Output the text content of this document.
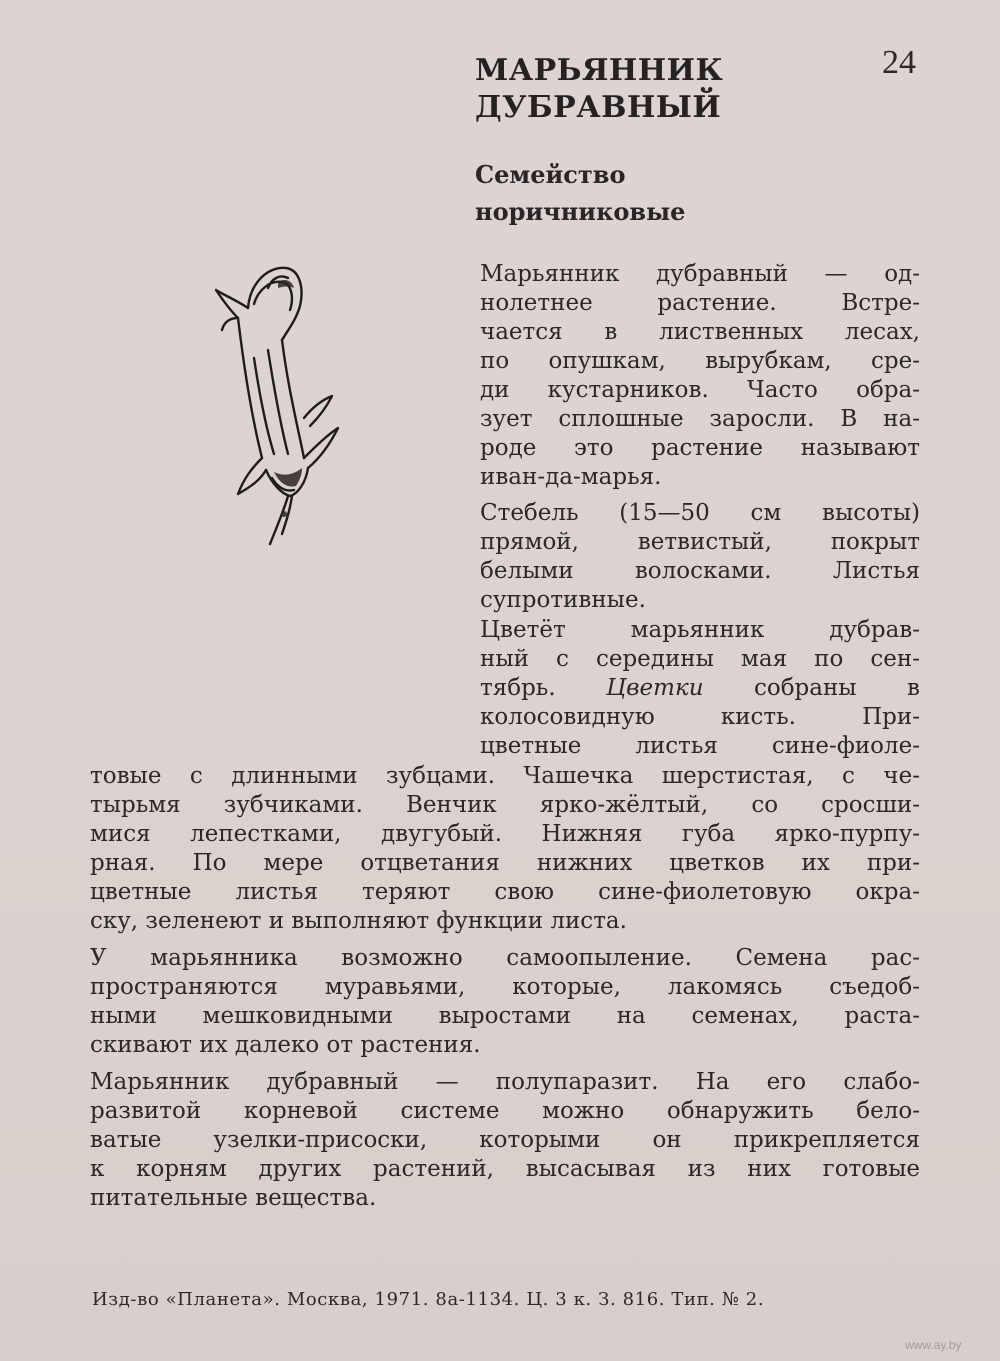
МАРЬЯННИК
ДУБРАВНЫЙ
24
Семейство
норичниковые
Марьянник дубравный — од-
нолетнее растение. Встре-
чается в лиственных лесах,
по опушкам, вырубкам, сре-
ди кустарников. Часто обра-
зует сплошные заросли. В на-
роде это растение называют
иван-да-марья.
Стебель (15—50 см высоты)
прямой, ветвистый, покрыт
белыми волосками. Листья
супротивные.
Цветёт марьянник дубрав-
ный с середины мая по сен-
тябрь. Цветки собраны в
колосовидную кисть. При-
цветные листья сине-фиоле-
товые с длинными зубцами. Чашечка шерстистая, с че-
тырьмя зубчиками. Венчик ярко-жёлтый, со сросши-
мися лепестками, двугубый. Нижняя губа ярко-пурпу-
рная. По мере отцветания нижних цветков их при-
цветные листья теряют свою сине-фиолетовую окра-
ску, зеленеют и выполняют функции листа.
У марьянника возможно самоопыление. Семена рас-
пространяются муравьями, которые, лакомясь съедоб-
ными мешковидными выростами на семенах, раста-
скивают их далеко от растения.
Марьянник дубравный — полупаразит. На его слабо-
развитой корневой системе можно обнаружить бело-
ватые узелки-присоски, которыми он прикрепляется
к корням других растений, высасывая из них готовые
питательные вещества.
Изд-во «Планета». Москва, 1971. 8а-1134. Ц. 3 к. З. 816. Тип. № 2.
www.ay.by
